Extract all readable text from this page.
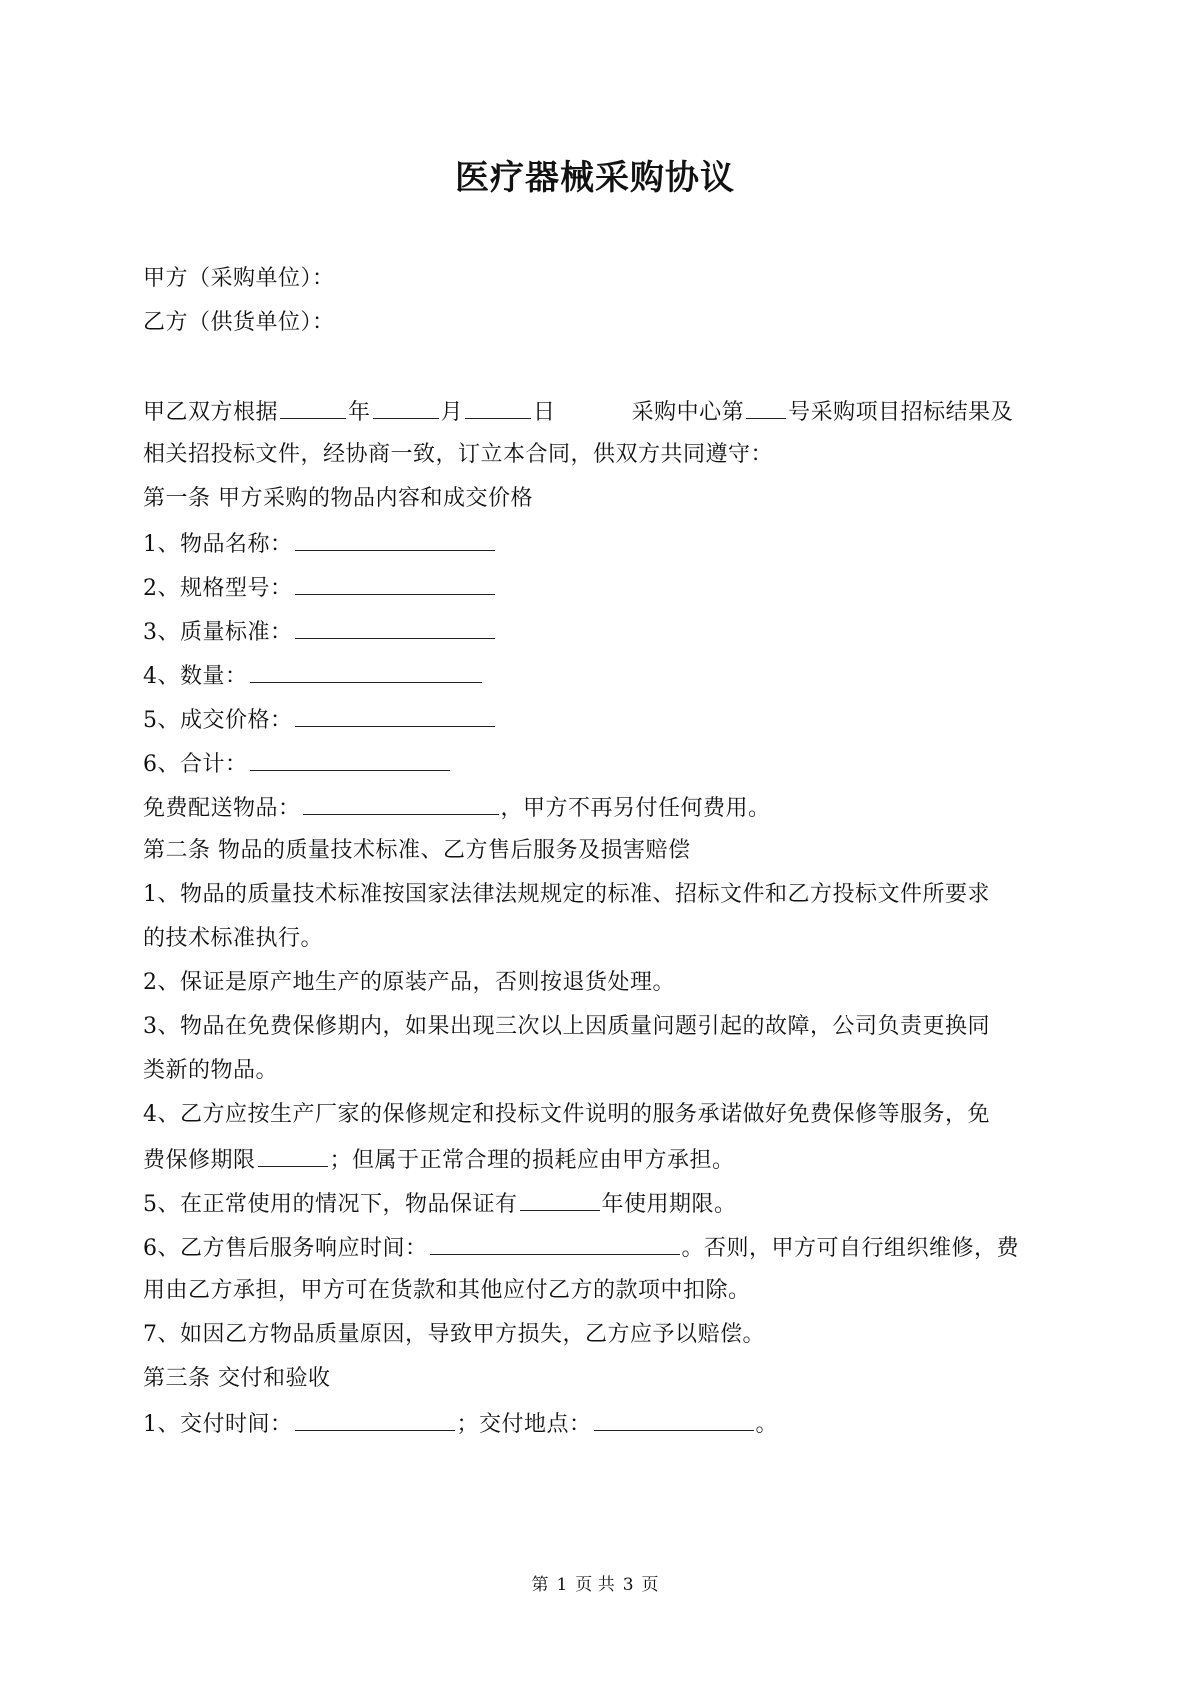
医疗器械采购协议
甲方（采购单位）：
乙方（供货单位）：
甲乙双方根据	年	月	日	采购中心第 号采购项目招标结果及
相关招投标文件，经协商一致，订立本合同，供双方共同遵守：
第一条 甲方采购的物品内容和成交价格
1、物品名称：
2、规格型号：
3、质量标准：
4、数量：
5、成交价格：
6、合计：
免费配送物品：	，甲方不再另付任何费用。
第二条 物品的质量技术标准、乙方售后服务及损害赔偿
1、物品的质量技术标准按国家法律法规规定的标准、招标文件和乙方投标文件所要求
的技术标准执行。
2、保证是原产地生产的原装产品，否则按退货处理。
3、物品在免费保修期内，如果出现三次以上因质量问题引起的故障，公司负责更换同
类新的物品。
4、乙方应按生产厂家的保修规定和投标文件说明的服务承诺做好免费保修等服务，免
费保修期限	；但属于正常合理的损耗应由甲方承担。
5、在正常使用的情况下，物品保证有	年使用期限。
6、乙方售后服务响应时间：	。否则，甲方可自行组织维修，费
用由乙方承担，甲方可在货款和其他应付乙方的款项中扣除。
7、如因乙方物品质量原因，导致甲方损失，乙方应予以赔偿。
第三条 交付和验收
1、交付时间：	；交付地点：	。
第 1 页 共 3 页
